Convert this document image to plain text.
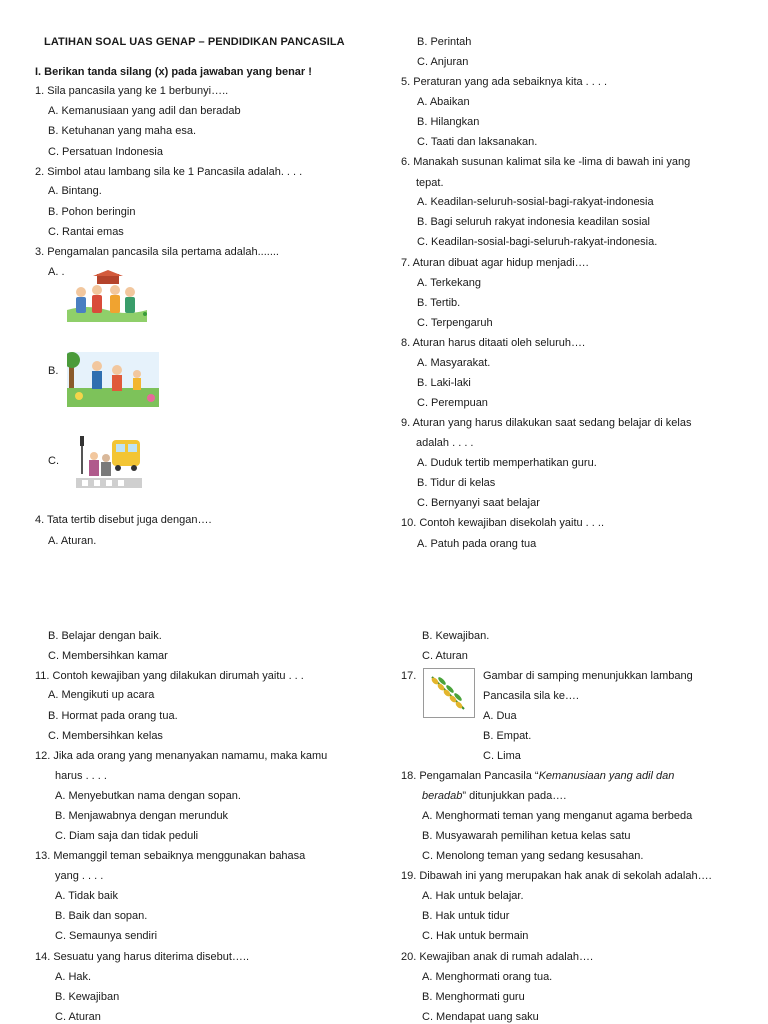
LATIHAN SOAL UAS GENAP – PENDIDIKAN PANCASILA
I. Berikan tanda silang (x) pada jawaban yang benar !
1. Sila pancasila yang ke 1 berbunyi…..
A. Kemanusiaan yang adil dan beradab
B. Ketuhanan yang maha esa.
C. Persatuan Indonesia
2. Simbol atau lambang sila ke 1 Pancasila adalah. . . .
A. Bintang.
B. Pohon beringin
C. Rantai emas
3. Pengamalan pancasila sila pertama adalah.......
A. .
B.
C.
4. Tata tertib disebut juga dengan….
A. Aturan.
B. Perintah
C. Anjuran
5. Peraturan yang ada sebaiknya kita . . . .
A. Abaikan
B. Hilangkan
C. Taati dan laksanakan.
6. Manakah susunan kalimat sila ke -lima di bawah ini yang
tepat.
A. Keadilan-seluruh-sosial-bagi-rakyat-indonesia
B. Bagi seluruh rakyat indonesia keadilan sosial
C. Keadilan-sosial-bagi-seluruh-rakyat-indonesia.
7. Aturan dibuat agar hidup menjadi….
A. Terkekang
B. Tertib.
C. Terpengaruh
8. Aturan harus ditaati oleh seluruh….
A. Masyarakat.
B. Laki-laki
C. Perempuan
9. Aturan yang harus dilakukan saat sedang belajar di kelas
adalah . . . .
A. Duduk tertib memperhatikan guru.
B. Tidur di kelas
C. Bernyanyi saat belajar
10. Contoh kewajiban disekolah yaitu . . ..
A. Patuh pada orang tua
B. Belajar dengan baik.
C. Membersihkan kamar
11. Contoh kewajiban yang dilakukan dirumah yaitu . . .
A. Mengikuti up acara
B. Hormat pada orang tua.
C. Membersihkan kelas
12. Jika ada orang yang menanyakan namamu, maka kamu
harus . . . .
A. Menyebutkan nama dengan sopan.
B. Menjawabnya dengan merunduk
C. Diam saja dan tidak peduli
13. Memanggil teman sebaiknya menggunakan bahasa
yang . . . .
A. Tidak baik
B. Baik dan sopan.
C. Semaunya sendiri
14. Sesuatu yang harus diterima disebut…..
A. Hak.
B. Kewajiban
C. Aturan
B. Kewajiban.
C. Aturan
17.	Gambar di samping menunjukkan lambang
Pancasila sila ke….
A. Dua
B. Empat.
C. Lima
18. Pengamalan Pancasila “Kemanusiaan yang adil dan
beradab” ditunjukkan pada….
A. Menghormati teman yang menganut agama berbeda
B. Musyawarah pemilihan ketua kelas satu
C. Menolong teman yang sedang kesusahan.
19. Dibawah ini yang merupakan hak anak di sekolah adalah….
A. Hak untuk belajar.
B. Hak untuk tidur
C. Hak untuk bermain
20. Kewajiban anak di rumah adalah….
A. Menghormati orang tua.
B. Menghormati guru
C. Mendapat uang saku
